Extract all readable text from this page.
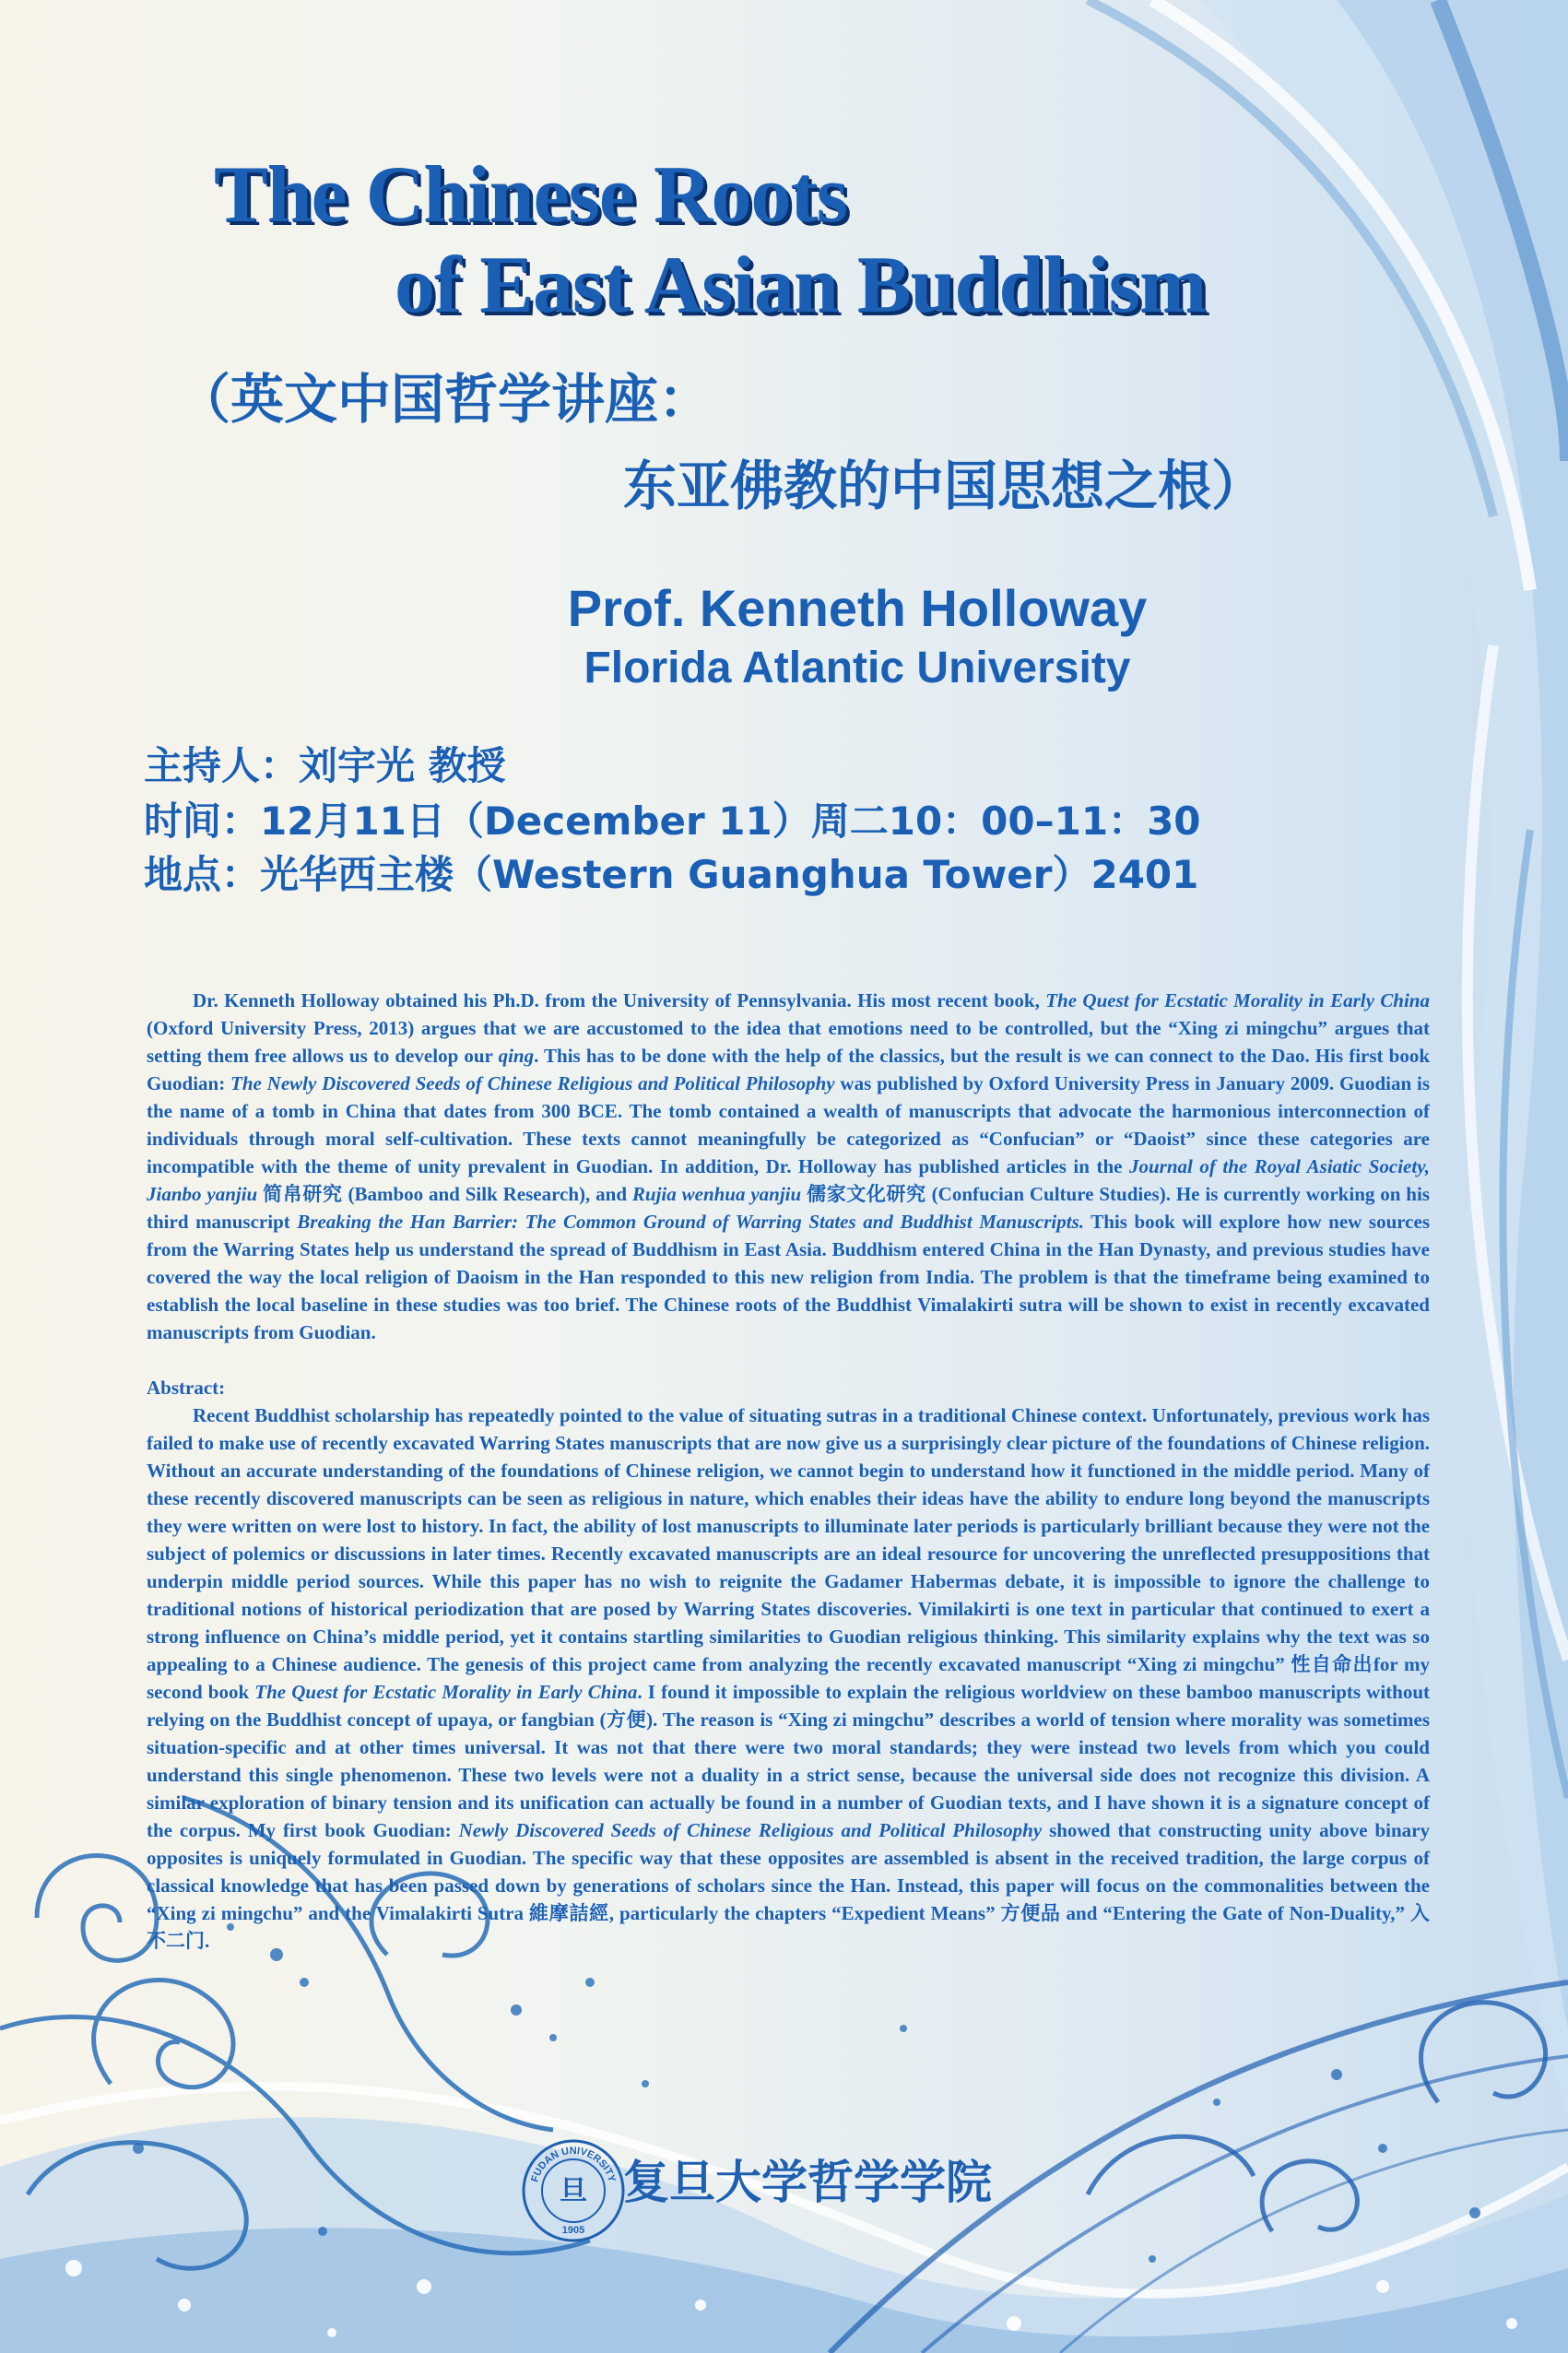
The Chinese Roots
of East Asian Buddhism

（英文中国哲学讲座：

东亚佛教的中国思想之根）

Prof. Kenneth Holloway

Florida Atlantic University

主持人：刘宇光 教授

时间：12月11日（December 11）周二10：00–11：30

地点：光华西主楼（Western Guanghua Tower）2401

Dr. Kenneth Holloway obtained his Ph.D. from the University of Pennsylvania. His most recent book, The Quest for Ecstatic Morality in Early China (Oxford University Press, 2013) argues that we are accustomed to the idea that emotions need to be controlled, but the “Xing zi mingchu” argues that setting them free allows us to develop our qing. This has to be done with the help of the classics, but the result is we can connect to the Dao. His first book Guodian: The Newly Discovered Seeds of Chinese Religious and Political Philosophy was published by Oxford University Press in January 2009. Guodian is the name of a tomb in China that dates from 300 BCE. The tomb contained a wealth of manuscripts that advocate the harmonious interconnection of individuals through moral self-cultivation. These texts cannot meaningfully be categorized as “Confucian” or “Daoist” since these categories are incompatible with the theme of unity prevalent in Guodian. In addition, Dr. Holloway has published articles in the Journal of the Royal Asiatic Society, Jianbo yanjiu 简帛研究 (Bamboo and Silk Research), and Rujia wenhua yanjiu 儒家文化研究 (Confucian Culture Studies). He is currently working on his third manuscript Breaking the Han Barrier: The Common Ground of Warring States and Buddhist Manuscripts. This book will explore how new sources from the Warring States help us understand the spread of Buddhism in East Asia. Buddhism entered China in the Han Dynasty, and previous studies have covered the way the local religion of Daoism in the Han responded to this new religion from India. The problem is that the timeframe being examined to establish the local baseline in these studies was too brief. The Chinese roots of the Buddhist Vimalakirti sutra will be shown to exist in recently excavated manuscripts from Guodian.
Abstract:
Recent Buddhist scholarship has repeatedly pointed to the value of situating sutras in a traditional Chinese context. Unfortunately, previous work has failed to make use of recently excavated Warring States manuscripts that are now give us a surprisingly clear picture of the foundations of Chinese religion. Without an accurate understanding of the foundations of Chinese religion, we cannot begin to understand how it functioned in the middle period. Many of these recently discovered manuscripts can be seen as religious in nature, which enables their ideas have the ability to endure long beyond the manuscripts they were written on were lost to history. In fact, the ability of lost manuscripts to illuminate later periods is particularly brilliant because they were not the subject of polemics or discussions in later times. Recently excavated manuscripts are an ideal resource for uncovering the unreflected presuppositions that underpin middle period sources. While this paper has no wish to reignite the Gadamer Habermas debate, it is impossible to ignore the challenge to traditional notions of historical periodization that are posed by Warring States discoveries. Vimilakirti is one text in particular that continued to exert a strong influence on China’s middle period, yet it contains startling similarities to Guodian religious thinking. This similarity explains why the text was so appealing to a Chinese audience. The genesis of this project came from analyzing the recently excavated manuscript “Xing zi mingchu” 性自命出for my second book The Quest for Ecstatic Morality in Early China. I found it impossible to explain the religious worldview on these bamboo manuscripts without relying on the Buddhist concept of upaya, or fangbian (方便). The reason is “Xing zi mingchu” describes a world of tension where morality was sometimes situation-specific and at other times universal. It was not that there were two moral standards; they were instead two levels from which you could understand this single phenomenon. These two levels were not a duality in a strict sense, because the universal side does not recognize this division. A similar exploration of binary tension and its unification can actually be found in a number of Guodian texts, and I have shown it is a signature concept of the corpus. My first book Guodian: Newly Discovered Seeds of Chinese Religious and Political Philosophy showed that constructing unity above binary opposites is uniquely formulated in Guodian. The specific way that these opposites are assembled is absent in the received tradition, the large corpus of classical knowledge that has been passed down by generations of scholars since the Han. Instead, this paper will focus on the commonalities between the “Xing zi mingchu” and the Vimalakirti Sutra 維摩詰經, particularly the chapters “Expedient Means” 方便品 and “Entering the Gate of Non-Duality,” 入不二门.
FUDAN UNIVERSITY
旦
1905

复旦大学哲学学院
